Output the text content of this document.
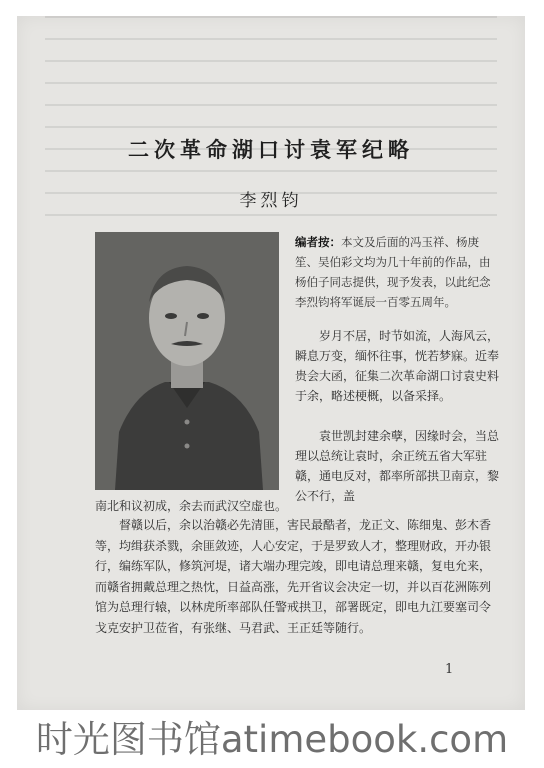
二次革命湖口讨袁军纪略
李烈钧
编者按：本文及后面的冯玉祥、杨庚笙、吴伯彩文均为几十年前的作品，由杨伯子同志提供，现予发表，以此纪念李烈钧将军诞辰一百零五周年。
岁月不居，时节如流，人海风云，瞬息万变，缅怀往事，恍若梦寐。近奉贵会大函，征集二次革命湖口讨袁史料于余，略述梗概，以备采择。
袁世凯封建余孽，因缘时会，当总理以总统让袁时，余正统五省大军驻赣，通电反对，都率所部拱卫南京，黎公不行，盖
南北和议初成，余去而武汉空虚也。
督赣以后，余以治赣必先清匪，害民最酷者，龙正文、陈细鬼、彭木香等，均缉获杀戮，余匪敛迹，人心安定，于是罗致人才，整理财政，开办银行，编练军队，修筑河堤，诸大端办理完竣，即电请总理来赣，复电允来，而赣省拥戴总理之热忱，日益高涨，先开省议会决定一切，并以百花洲陈列馆为总理行辕，以林虎所率部队任警戒拱卫，部署既定，即电九江要塞司令戈克安护卫莅省，有张继、马君武、王正廷等随行。
1
时光图书馆atimebook.com
